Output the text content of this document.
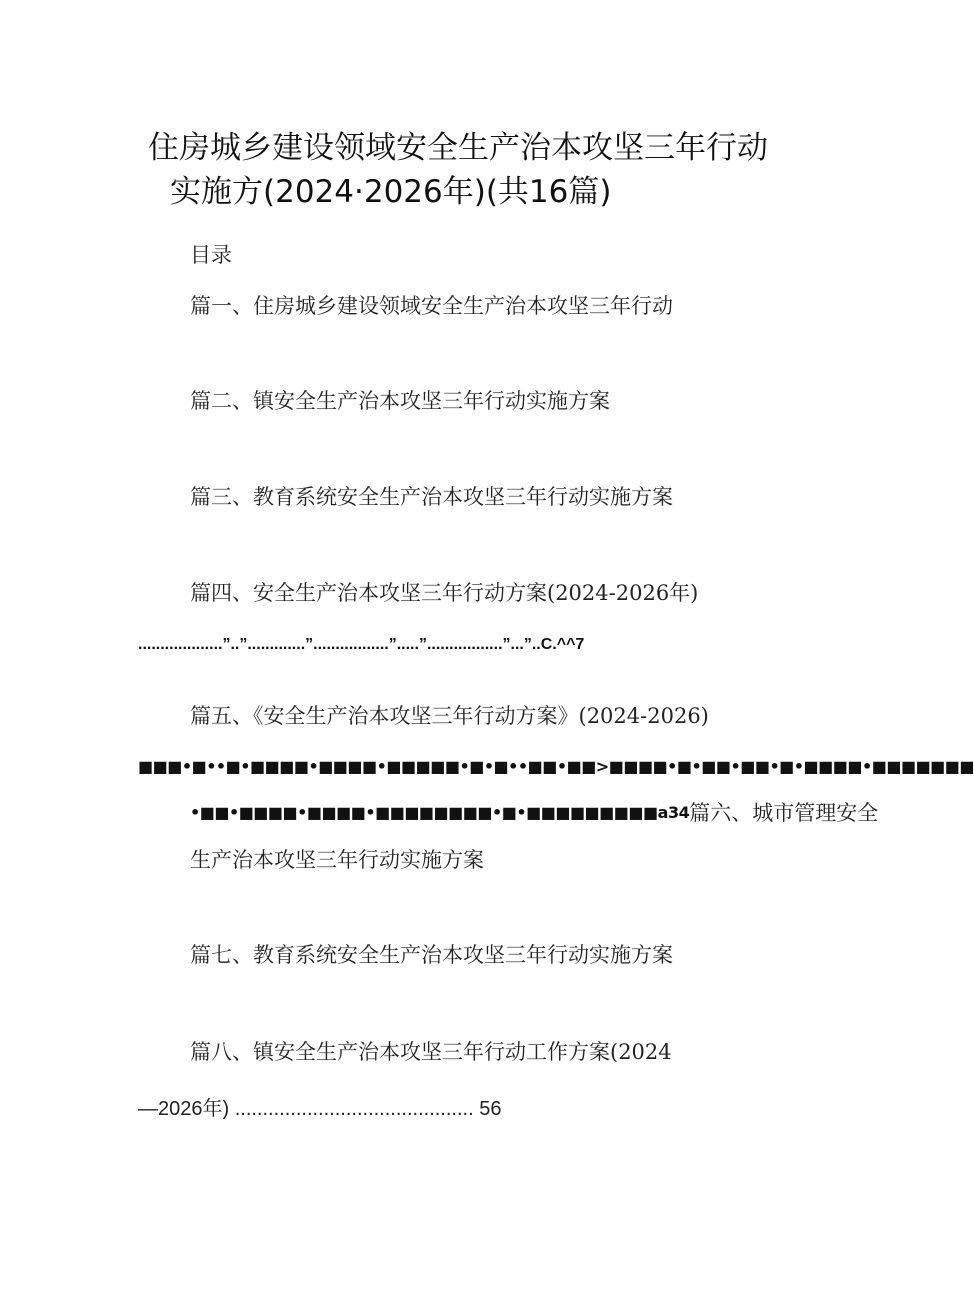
住房城乡建设领域安全生产治本攻坚三年行动
实施方(2024·2026年)(共16篇)
目录
篇一、住房城乡建设领域安全生产治本攻坚三年行动
篇二、镇安全生产治本攻坚三年行动实施方案
篇三、教育系统安全生产治本攻坚三年行动实施方案
篇四、安全生产治本攻坚三年行动方案(2024-2026年)
...................”..”.............”.................”.....”.................”...”..C.^^7
篇五、《安全生产治本攻坚三年行动方案》(2024-2026)
■■■•■••■•■■■■•■■■■•■■■■■•■•■••■■•■■>■■■■•■•■■•■■•■•■■■■•■■■■■■■
•■■•■■■■•■■■■•■■■■■■■■•■•■■■■■■■■■a34篇六、城市管理安全
生产治本攻坚三年行动实施方案
篇七、教育系统安全生产治本攻坚三年行动实施方案
篇八、镇安全生产治本攻坚三年行动工作方案(2024
—2026年) ........................................... 56
